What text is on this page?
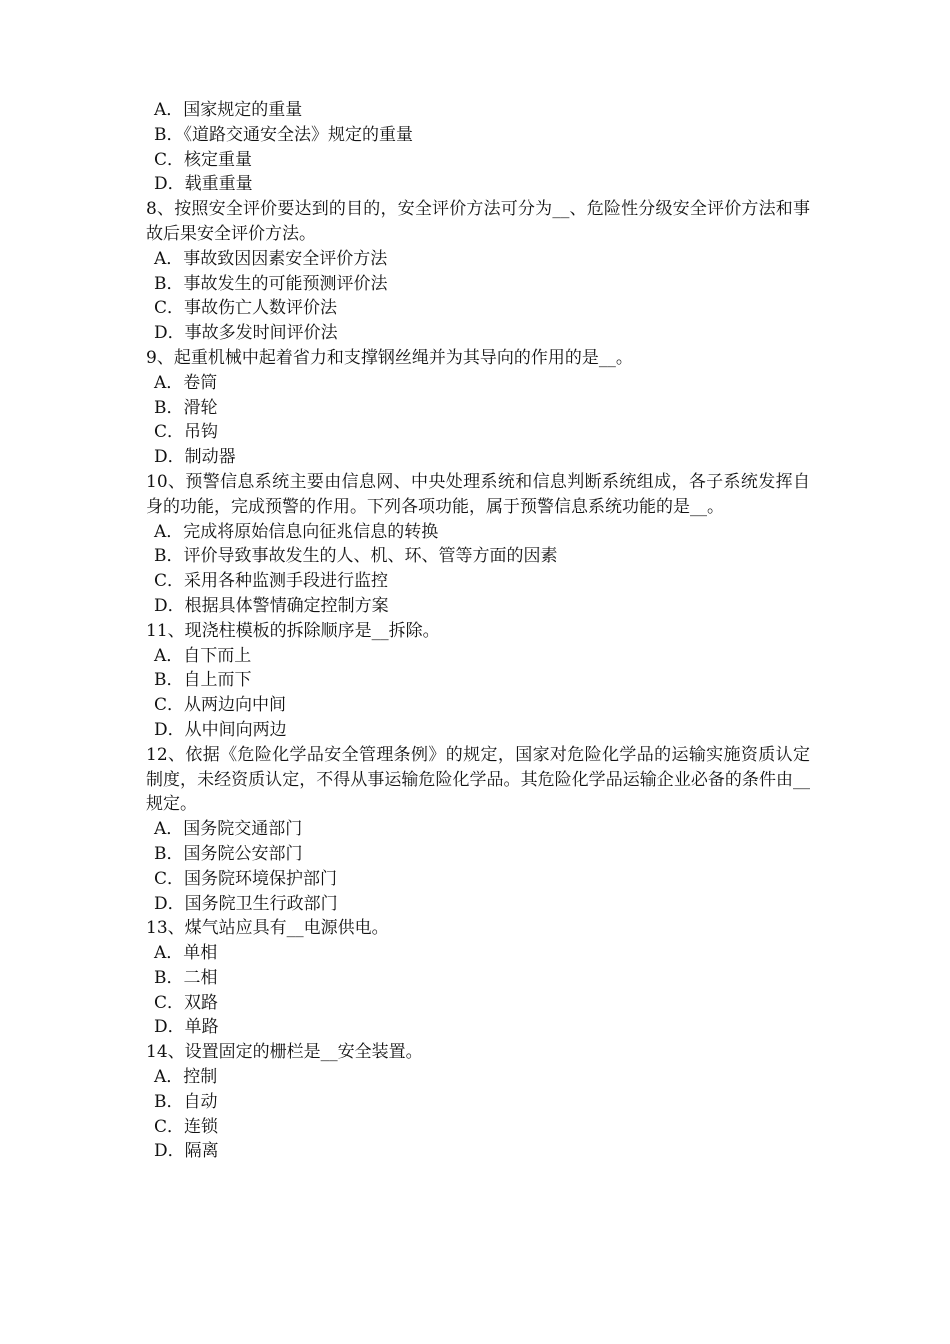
A．国家规定的重量
B．《道路交通安全法》规定的重量
C．核定重量
D．载重重量
8、按照安全评价要达到的目的，安全评价方法可分为__、危险性分级安全评价方法和事故后果安全评价方法。
A．事故致因因素安全评价方法
B．事故发生的可能预测评价法
C．事故伤亡人数评价法
D．事故多发时间评价法
9、起重机械中起着省力和支撑钢丝绳并为其导向的作用的是__。
A．卷筒
B．滑轮
C．吊钩
D．制动器
10、预警信息系统主要由信息网、中央处理系统和信息判断系统组成，各子系统发挥自身的功能，完成预警的作用。下列各项功能，属于预警信息系统功能的是__。
A．完成将原始信息向征兆信息的转换
B．评价导致事故发生的人、机、环、管等方面的因素
C．采用各种监测手段进行监控
D．根据具体警情确定控制方案
11、现浇柱模板的拆除顺序是__拆除。
A．自下而上
B．自上而下
C．从两边向中间
D．从中间向两边
12、依据《危险化学品安全管理条例》的规定，国家对危险化学品的运输实施资质认定制度，未经资质认定，不得从事运输危险化学品。其危险化学品运输企业必备的条件由__规定。
A．国务院交通部门
B．国务院公安部门
C．国务院环境保护部门
D．国务院卫生行政部门
13、煤气站应具有__电源供电。
A．单相
B．二相
C．双路
D．单路
14、设置固定的栅栏是__安全装置。
A．控制
B．自动
C．连锁
D．隔离
